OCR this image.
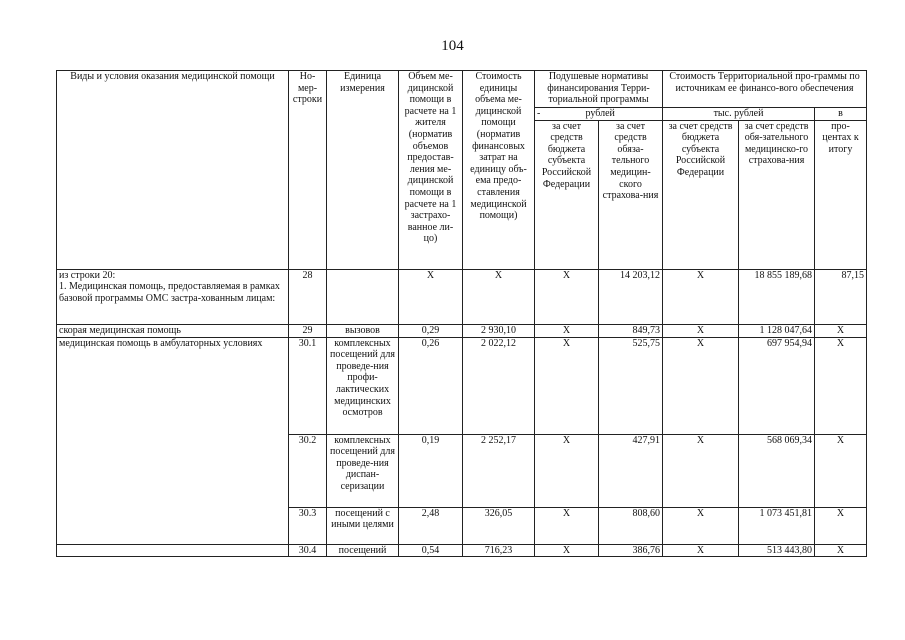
104
Виды и условия оказания медицинской помощи	Но-мер-строки	Единица измерения	Объем ме-дицинской помощи в расчете на 1 жителя (норматив объемов предостав-ления ме-дицинской помощи в расчете на 1 застрахо-ванное ли-цо)	Стоимость единицы объема ме-дицинской помощи (норматив финансовых затрат на единицу объ-ема предо-ставления медицинской помощи)	Подушевые нормативы финансирования Терри-ториальной программы		Стоимость Территориальной про-граммы по источникам ее финансо-вого обеспечения		

					- рублей		тыс. рублей		в
					за счет средств бюджета субъекта Российской Федерации	за счет средств обяза-тельного медицин-ского страхова-ния	за счет средств бюджета субъекта Российской Федерации	за счет средств обя-зательного медицинско-го страхова-ния	про-центах к итогу
из строки 20:
1. Медицинская помощь, предоставляемая в рамках базовой программы ОМС застра-хованным лицам:	28		Х	Х	Х	14 203,12	Х	18 855 189,68	87,15
скорая медицинская помощь	29	вызовов	0,29	2 930,10	Х	849,73	Х	1 128 047,64	Х
медицинская помощь в амбулаторных условиях	30.1	комплексных посещений для проведе-ния профи-лактических медицинских осмотров	0,26	2 022,12	Х	525,75	Х	697 954,94	Х
	30.2	комплексных посещений для проведе-ния диспан-серизации	0,19	2 252,17	Х	427,91	Х	568 069,34	Х
	30.3	посещений с иными целями	2,48	326,05	Х	808,60	Х	1 073 451,81	Х
	30.4	посещений	0,54	716,23	Х	386,76	Х	513 443,80	Х
